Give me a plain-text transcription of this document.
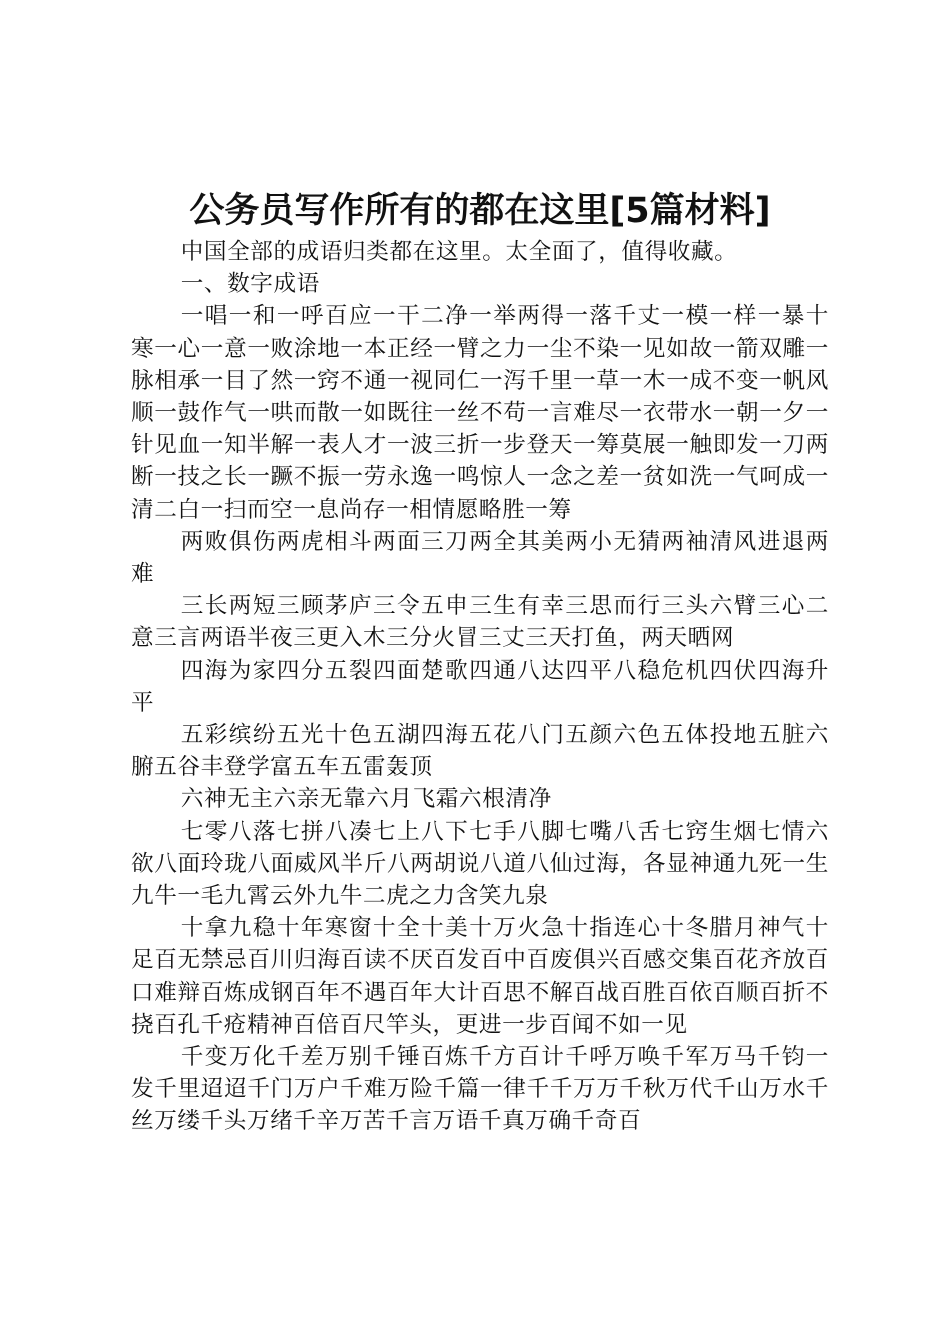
公务员写作所有的都在这里[5篇材料]

中国全部的成语归类都在这里。太全面了，值得收藏。

一、数字成语

一唱一和一呼百应一干二净一举两得一落千丈一模一样一暴十寒一心一意一败涂地一本正经一臂之力一尘不染一见如故一箭双雕一脉相承一目了然一窍不通一视同仁一泻千里一草一木一成不变一帆风顺一鼓作气一哄而散一如既往一丝不苟一言难尽一衣带水一朝一夕一针见血一知半解一表人才一波三折一步登天一筹莫展一触即发一刀两断一技之长一蹶不振一劳永逸一鸣惊人一念之差一贫如洗一气呵成一清二白一扫而空一息尚存一相情愿略胜一筹

两败俱伤两虎相斗两面三刀两全其美两小无猜两袖清风进退两难

三长两短三顾茅庐三令五申三生有幸三思而行三头六臂三心二意三言两语半夜三更入木三分火冒三丈三天打鱼，两天晒网

四海为家四分五裂四面楚歌四通八达四平八稳危机四伏四海升平

五彩缤纷五光十色五湖四海五花八门五颜六色五体投地五脏六腑五谷丰登学富五车五雷轰顶

六神无主六亲无靠六月飞霜六根清净

七零八落七拼八凑七上八下七手八脚七嘴八舌七窍生烟七情六欲八面玲珑八面威风半斤八两胡说八道八仙过海，各显神通九死一生九牛一毛九霄云外九牛二虎之力含笑九泉

十拿九稳十年寒窗十全十美十万火急十指连心十冬腊月神气十足百无禁忌百川归海百读不厌百发百中百废俱兴百感交集百花齐放百口难辩百炼成钢百年不遇百年大计百思不解百战百胜百依百顺百折不挠百孔千疮精神百倍百尺竿头，更进一步百闻不如一见

千变万化千差万别千锤百炼千方百计千呼万唤千军万马千钧一发千里迢迢千门万户千难万险千篇一律千千万万千秋万代千山万水千丝万缕千头万绪千辛万苦千言万语千真万确千奇百
